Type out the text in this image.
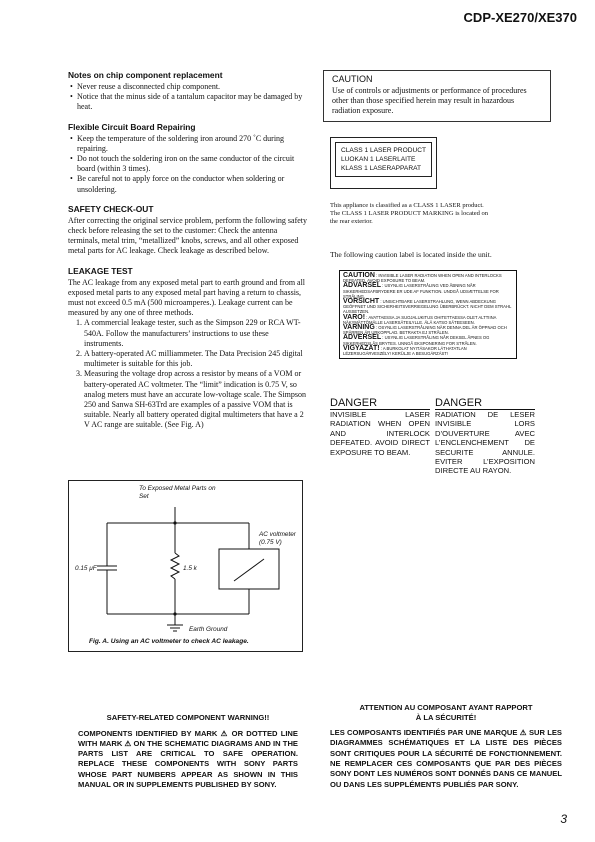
CDP-XE270/XE370
Notes on chip component replacement
• Never reuse a disconnected chip component.
• Notice that the minus side of a tantalum capacitor may be damaged by heat.
Flexible Circuit Board Repairing
• Keep the temperature of the soldering iron around 270 ˚C during repairing.
• Do not touch the soldering iron on the same conductor of the circuit board (within 3 times).
• Be careful not to apply force on the conductor when soldering or unsoldering.
SAFETY CHECK-OUT

After correcting the original service problem, perform the following safety check before releasing the set to the customer: Check the antenna terminals, metal trim, “metallized” knobs, screws, and all other exposed metal parts for AC leakage. Check leakage as described below.

LEAKAGE TEST

The AC leakage from any exposed metal part to earth ground and from all exposed metal parts to any exposed metal part having a return to chassis, must not exceed 0.5 mA (500 microamperes.). Leakage current can be measured by any one of three methods.

1. A commercial leakage tester, such as the Simpson 229 or RCA WT-540A. Follow the manufacturers’ instructions to use these instruments.
2. A battery-operated AC milliammeter. The Data Precision 245 digital multimeter is suitable for this job.
3. Measuring the voltage drop across a resistor by means of a VOM or battery-operated AC voltmeter. The “limit” indication is 0.75 V, so analog meters must have an accurate low-voltage scale. The Simpson 250 and Sanwa SH-63Trd are examples of a passive VOM that is suitable. Nearly all battery operated digital multimeters that have a 2 V AC range are suitable. (See Fig. A)
To Exposed Metal Parts on Set
0.15 μF	1.5 k
AC voltmeter (0.75 V)
Earth Ground
Fig. A. Using an AC voltmeter to check AC leakage.
CAUTION

Use of controls or adjustments or performance of procedures other than those specified herein may result in hazardous radiation exposure.

CLASS 1 LASER PRODUCT
LUOKAN 1 LASERLAITE
KLASS 1 LASERAPPARAT
This appliance is classified as a CLASS 1 LASER product.
The CLASS 1 LASER PRODUCT MARKING is located on the rear exterior.
The following caution label is located inside the unit.
CAUTION : INVISIBLE LASER RADIATION WHEN OPEN AND INTERLOCKS DEFEATED. AVOID EXPOSURE TO BEAM.
ADVARSEL : USYNLIG LASERSTRÅLING VED ÅBNING NÅR SIKKERHEDSAFBRYDERE ER UDE AF FUNKTION. UNDGÅ UDSÆTTELSE FOR STRÅLING.
VORSICHT : UNSICHTBARE LASERSTRAHLUNG, WENN ABDECKUNG GEÖFFNET UND SICHERHEITSVERRIEGELUNG ÜBERBRÜCKT. NICHT DEM STRAHL AUSSETZEN.
VARO! : AVATTAESSA JA SUOJALUKITUS OHITETTAESSA OLET ALTTIINA NÄKYMÄTTÖMÄLLE LASERSÄTEILYLLE. ÄLÄ KATSO SÄTEESEEN.
VARNING : OSYNLIG LASERSTRÅLNING NÄR DENNA DEL ÄR ÖPPNAD OCH SPÄRREN ÄR URKOPPLAD. BETRAKTA EJ STRÅLEN.
ADVERSEL : USYNLIG LASERSTRÅLING NÅR DEKSEL ÅPNES OG SIKKERHEDSLÅS BRYTES. UNNGÅ EKSPONERING FOR STRÅLEN.
VIGYAZAT! : A BURKOLAT NYITÁSAKOR LÁTHATATLAN LÉZERSUGÁRVESZÉLY! KERÜLJE A BESUGÁRZÁST!
DANGER
INVISIBLE LASER RADIATION WHEN OPEN AND INTERLOCK DEFEATED. AVOID DIRECT EXPOSURE TO BEAM.
DANGER
RADIATION DE LESER INVISIBLE LORS D’OUVERTURE AVEC L’ENCLENCHEMENT DE SECURITE ANNULE. EVITER L’EXPOSITION DIRECTE AU RAYON.
SAFETY-RELATED COMPONENT WARNING!!
COMPONENTS IDENTIFIED BY MARK ⚠ OR DOTTED LINE WITH MARK ⚠ ON THE SCHEMATIC DIAGRAMS AND IN THE PARTS LIST ARE CRITICAL TO SAFE OPERATION. REPLACE THESE COMPONENTS WITH SONY PARTS WHOSE PART NUMBERS APPEAR AS SHOWN IN THIS MANUAL OR IN SUPPLEMENTS PUBLISHED BY SONY.
ATTENTION AU COMPOSANT AYANT RAPPORT
À LA SÉCURITÉ!
LES COMPOSANTS IDENTIFIÉS PAR UNE MARQUE ⚠ SUR LES DIAGRAMMES SCHÉMATIQUES ET LA LISTE DES PIÈCES SONT CRITIQUES POUR LA SÉCURITÉ DE FONCTIONNEMENT. NE REMPLACER CES COMPOSANTS QUE PAR DES PIÈCES SONY DONT LES NUMÉROS SONT DONNÉS DANS CE MANUEL OU DANS LES SUPPLÉMENTS PUBLIÉS PAR SONY.
3
